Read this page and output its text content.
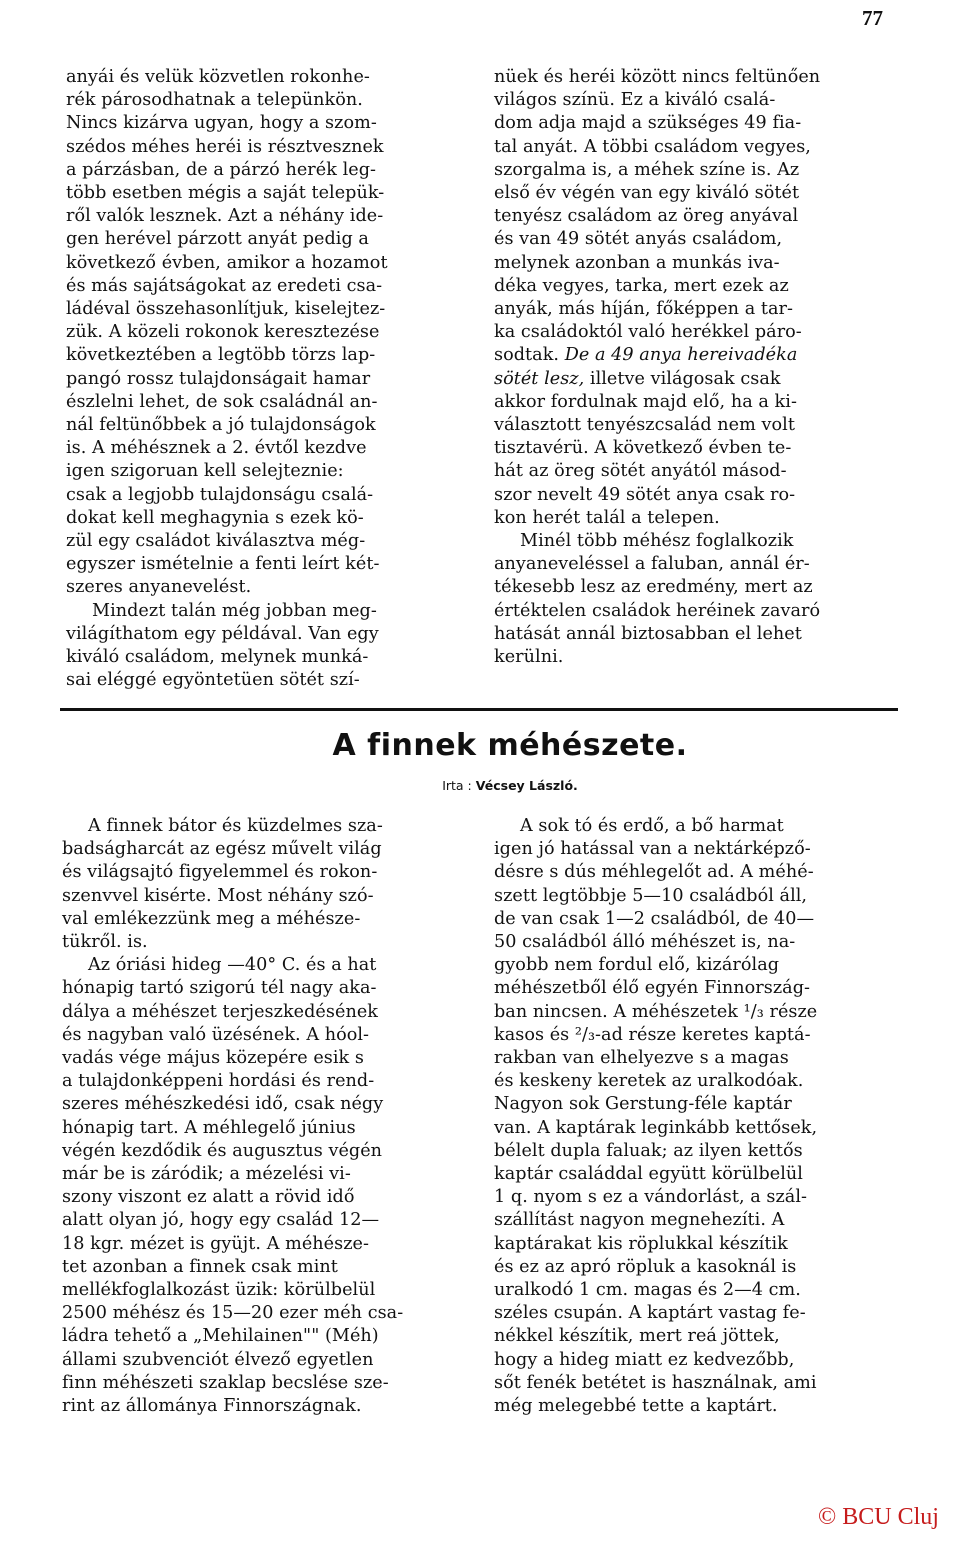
77

anyái és velük közvetlen rokonhe-
rék párosodhatnak a telepünkön.
Nincs kizárva ugyan, hogy a szom-
szédos méhes heréi is résztvesznek
a párzásban, de a párzó herék leg-
több esetben mégis a saját telepük-
ről valók lesznek. Azt a néhány ide-
gen herével párzott anyát pedig a
következő évben, amikor a hozamot
és más sajátságokat az eredeti csa-
ládéval összehasonlítjuk, kiselejtez-
zük. A közeli rokonok keresztezése
következtében a legtöbb törzs lap-
pangó rossz tulajdonságait hamar
észlelni lehet, de sok családnál an-
nál feltünőbbek a jó tulajdonságok
is. A méhésznek a 2. évtől kezdve
igen szigoruan kell selejteznie:
csak a legjobb tulajdonságu csalá-
dokat kell meghagynia s ezek kö-
zül egy családot kiválasztva még-
egyszer ismételnie a fenti leírt két-
szeres anyanevelést.

Mindezt talán még jobban meg-
világíthatom egy példával. Van egy
kiváló családom, melynek munká-
sai eléggé egyöntetüen sötét szí-

nüek és heréi között nincs feltünően
világos színü. Ez a kiváló csalá-
dom adja majd a szükséges 49 fia-
tal anyát. A többi családom vegyes,
szorgalma is, a méhek színe is. Az
első év végén van egy kiváló sötét
tenyész családom az öreg anyával
és van 49 sötét anyás családom,
melynek azonban a munkás iva-
déka vegyes, tarka, mert ezek az
anyák, más híján, főképpen a tar-
ka családoktól való herékkel páro-
sodtak. De a 49 anya hereivadéka
sötét lesz, illetve világosak csak
akkor fordulnak majd elő, ha a ki-
választott tenyészcsalád nem volt
tisztavérü. A következő évben te-
hát az öreg sötét anyától másod-
szor nevelt 49 sötét anya csak ro-
kon herét talál a telepen.

Minél több méhész foglalkozik
anyaneveléssel a faluban, annál ér-
tékesebb lesz az eredmény, mert az
értéktelen családok heréinek zavaró
hatását annál biztosabban el lehet
kerülni.

A finnek méhészete.
Irta : Vécsey László.

A finnek bátor és küzdelmes sza-
badságharcát az egész művelt világ
és világsajtó figyelemmel és rokon-
szenvvel kisérte. Most néhány szó-
val emlékezzünk meg a méhésze-
tükről. is.

Az óriási hideg —40° C. és a hat
hónapig tartó szigorú tél nagy aka-
dálya a méhészet terjeszkedésének
és nagyban való üzésének. A hóol-
vadás vége május közepére esik s
a tulajdonképpeni hordási és rend-
szeres méhészkedési idő, csak négy
hónapig tart. A méhlegelő június
végén kezdődik és augusztus végén
már be is záródik; a mézelési vi-
szony viszont ez alatt a rövid idő
alatt olyan jó, hogy egy család 12—
18 kgr. mézet is gyüjt. A méhésze-
tet azonban a finnek csak mint
mellékfoglalkozást üzik: körülbelül
2500 méhész és 15—20 ezer méh csa-
ládra tehető a „Mehilainen"" (Méh)
állami szubvenciót élvező egyetlen
finn méhészeti szaklap becslése sze-
rint az állománya Finnországnak.

A sok tó és erdő, a bő harmat
igen jó hatással van a nektárképző-
désre s dús méhlegelőt ad. A méhé-
szett legtöbbje 5—10 családból áll,
de van csak 1—2 családból, de 40—
50 családból álló méhészet is, na-
gyobb nem fordul elő, kizárólag
méhészetből élő egyén Finnország-
ban nincsen. A méhészetek ¹/₃ része
kasos és ²/₃-ad része keretes kaptá-
rakban van elhelyezve s a magas
és keskeny keretek az uralkodóak.
Nagyon sok Gerstung-féle kaptár
van. A kaptárak leginkább kettősek,
bélelt dupla faluak; az ilyen kettős
kaptár családdal együtt körülbelül
1 q. nyom s ez a vándorlást, a szál-
szállítást nagyon megnehezíti. A
kaptárakat kis röplukkal készítik
és ez az apró röpluk a kasoknál is
uralkodó 1 cm. magas és 2—4 cm.
széles csupán. A kaptárt vastag fe-
nékkel készítik, mert reá jöttek,
hogy a hideg miatt ez kedvezőbb,
sőt fenék betétet is használnak, ami
még melegebbé tette a kaptárt.

© BCU Cluj
